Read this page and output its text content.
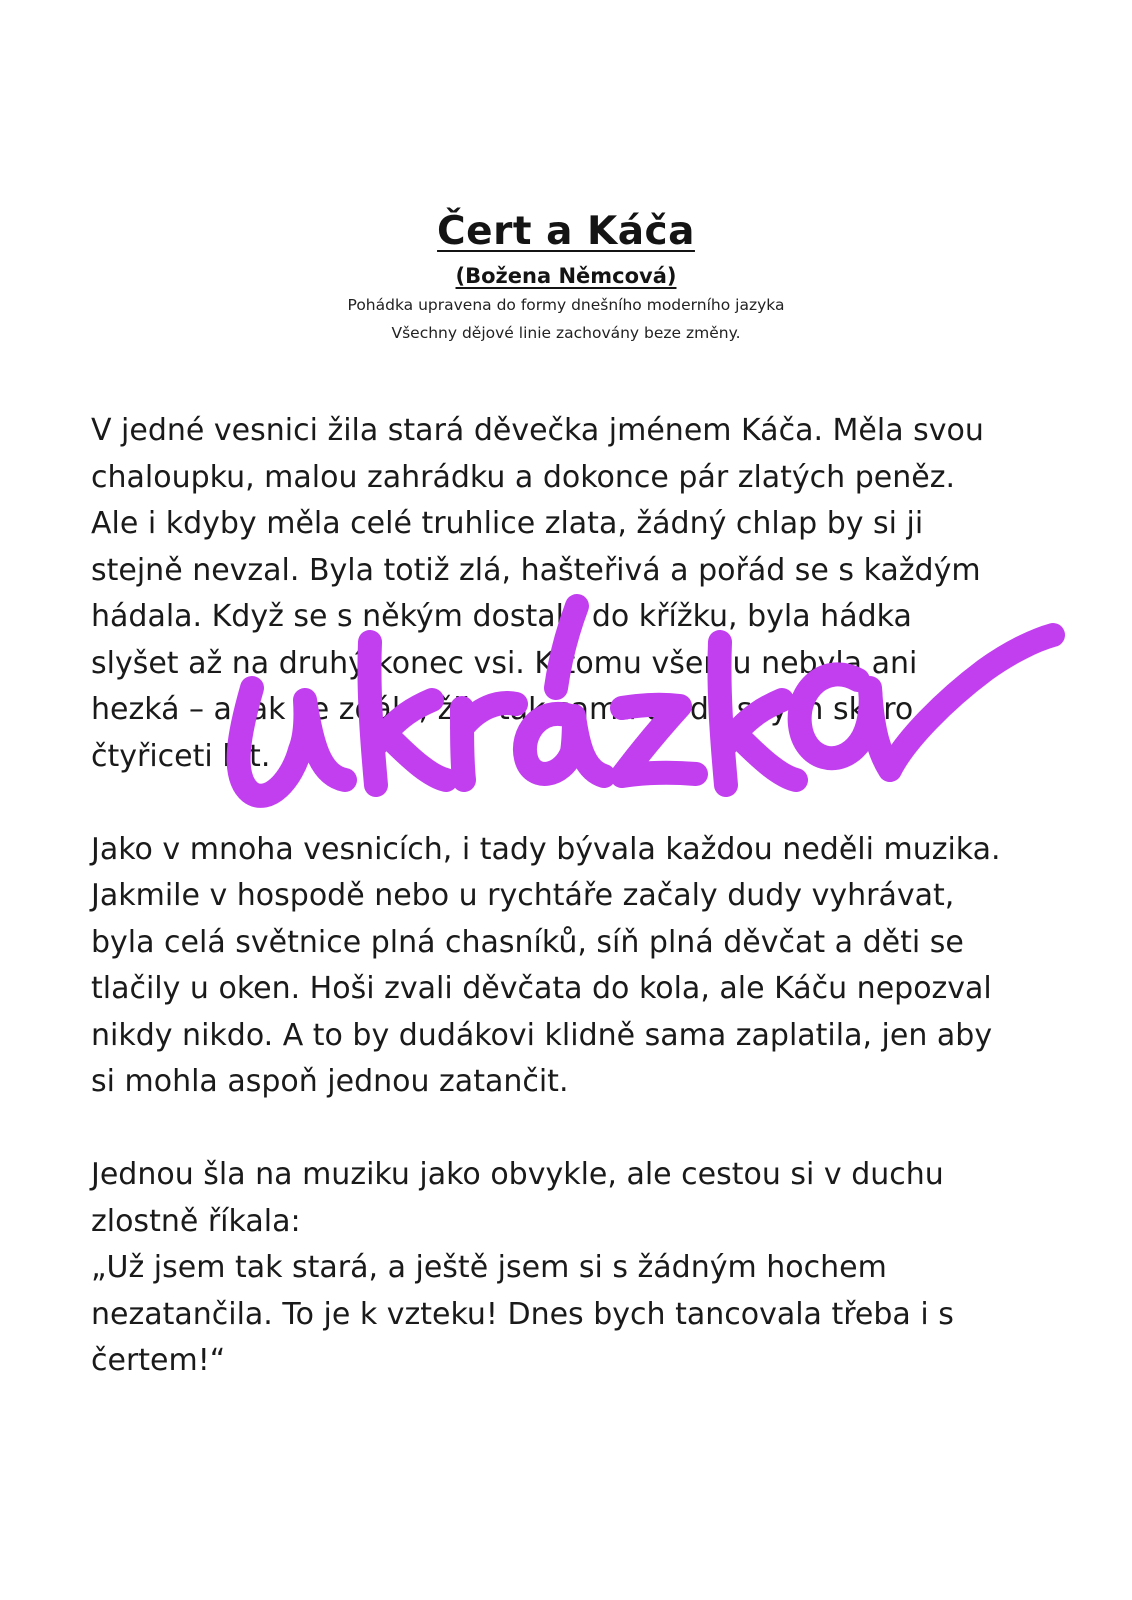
Čert a Káča
(Božena Němcová)
Pohádka upravena do formy dnešního moderního jazyka
Všechny dějové linie zachovány beze změny.

V jedné vesnici žila stará děvečka jménem Káča. Měla svou
chaloupku, malou zahrádku a dokonce pár zlatých peněz.
Ale i kdyby měla celé truhlice zlata, žádný chlap by si ji
stejně nevzal. Byla totiž zlá, hašteřivá a pořád se s každým
hádala. Když se s někým dostala do křížku, byla hádka
slyšet až na druhý konec vsi. K tomu všemu nebyla ani
hezká – a jak se zdálo, žila tak sama až do svých skoro
čtyřiceti let.

Jako v mnoha vesnicích, i tady bývala každou neděli muzika.
Jakmile v hospodě nebo u rychtáře začaly dudy vyhrávat,
byla celá světnice plná chasníků, síň plná děvčat a děti se
tlačily u oken. Hoši zvali děvčata do kola, ale Káču nepozval
nikdy nikdo. A to by dudákovi klidně sama zaplatila, jen aby
si mohla aspoň jednou zatančit.

Jednou šla na muziku jako obvykle, ale cestou si v duchu
zlostně říkala:
„Už jsem tak stará, a ještě jsem si s žádným hochem
nezatančila. To je k vzteku! Dnes bych tancovala třeba i s
čertem!“
